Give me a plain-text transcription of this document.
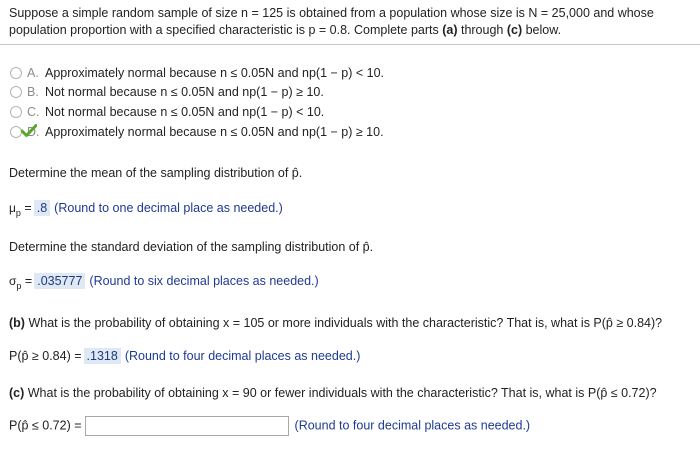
Suppose a simple random sample of size n = 125 is obtained from a population whose size is N = 25,000 and whose
population proportion with a specified characteristic is p = 0.8. Complete parts (a) through (c) below.
A. Approximately normal because n ≤ 0.05N and np(1 − p) < 10.
B. Not normal because n ≤ 0.05N and np(1 − p) ≥ 10.
C. Not normal because n ≤ 0.05N and np(1 − p) < 10.
D. Approximately normal because n ≤ 0.05N and np(1 − p) ≥ 10.
Determine the mean of the sampling distribution of p̂.
$\mu_p = .8$ (Round to one decimal place as needed.)
Determine the standard deviation of the sampling distribution of p̂.
$\sigma_p = .035777$ (Round to six decimal places as needed.)
(b) What is the probability of obtaining x = 105 or more individuals with the characteristic? That is, what is P(p̂ ≥ 0.84)?
P(p̂ ≥ 0.84) = .1318 (Round to four decimal places as needed.)
(c) What is the probability of obtaining x = 90 or fewer individuals with the characteristic? That is, what is P(p̂ ≤ 0.72)?
P(p̂ ≤ 0.72) =	(Round to four decimal places as needed.)
